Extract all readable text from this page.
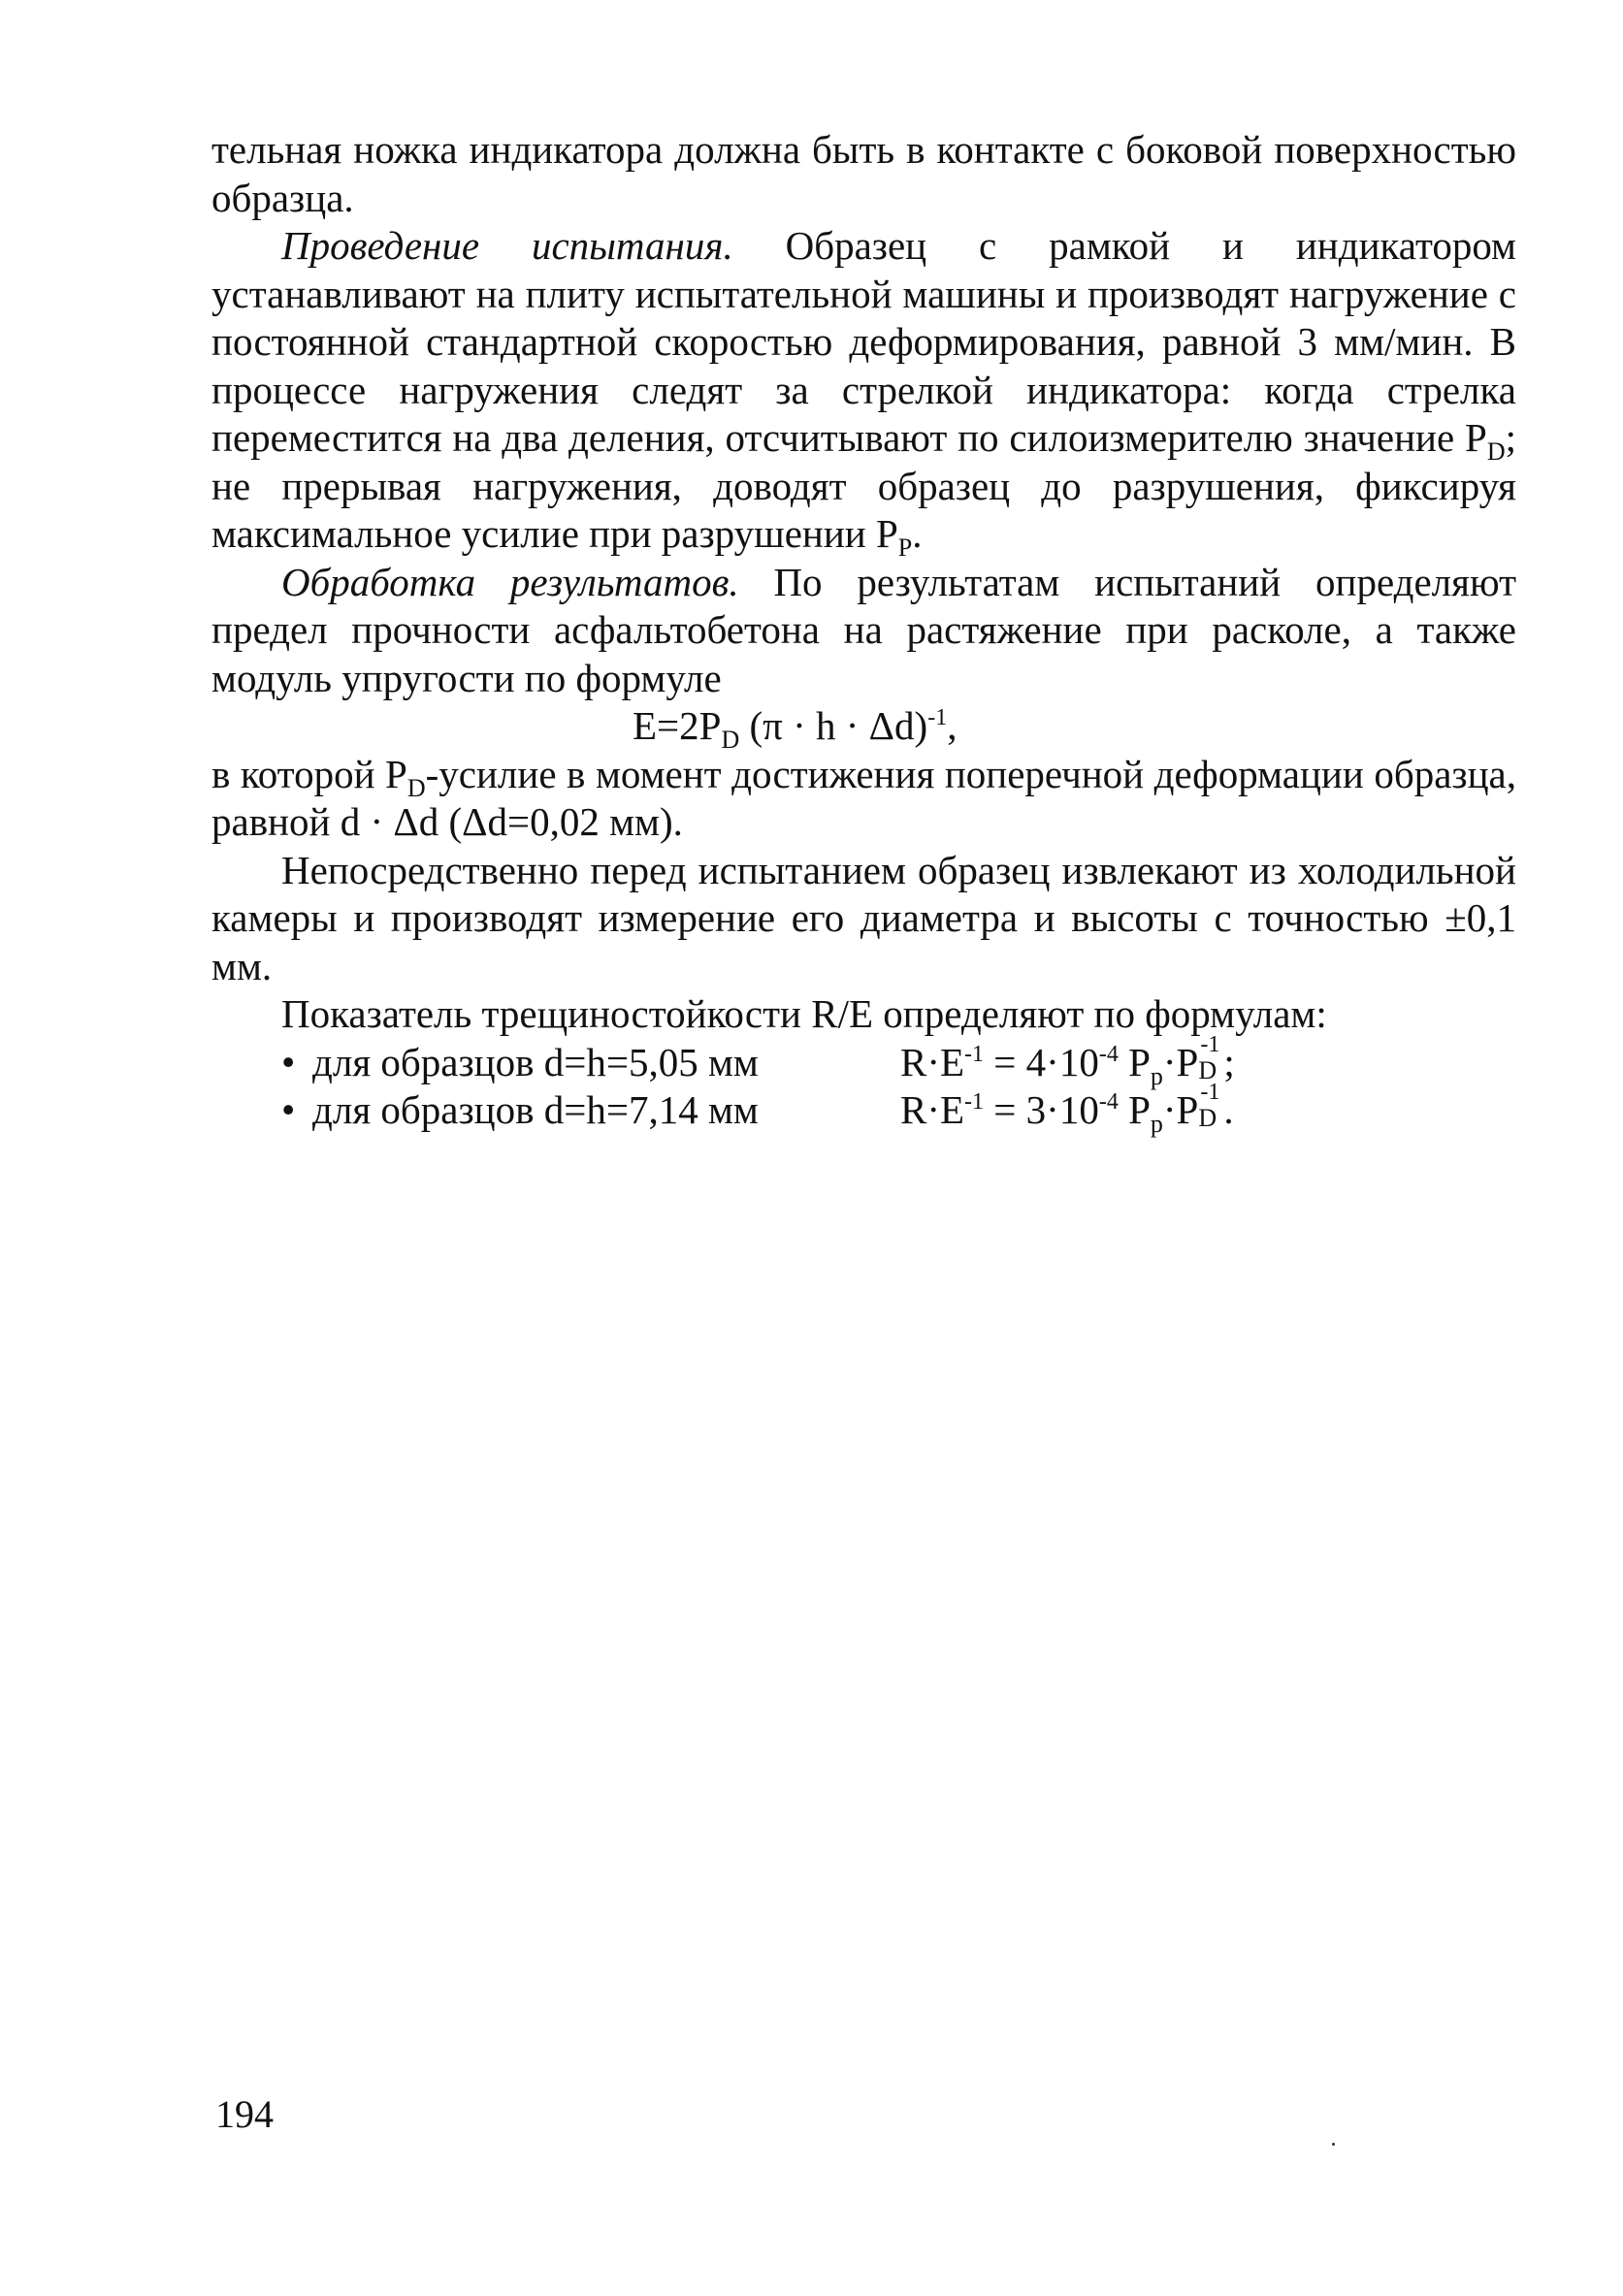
тельная ножка индикатора должна быть в контакте с боковой поверхностью образца.

Проведение испытания. Образец с рамкой и индикатором устанавливают на плиту испытательной машины и производят нагружение с постоянной стандартной скоростью деформирования, равной 3 мм/мин. В процессе нагружения следят за стрелкой индикатора: когда стрелка переместится на два деления, отсчитывают по силоизмерителю значение $P_D$; не прерывая нагружения, доводят образец до разрушения, фиксируя максимальное усилие при разрушении $P_P$.

Обработка результатов. По результатам испытаний определяют предел прочности асфальтобетона на растяжение при расколе, а также модуль упругости по формуле

$E=2P_D$ $(\pi \cdot h \cdot \Delta d)^{-1}$,

в которой $P_D$-усилие в момент достижения поперечной деформации образца, равной d · Δd (Δd=0,02 мм).

Непосредственно перед испытанием образец извлекают из холодильной камеры и производят измерение его диаметра и высоты с точностью ±0,1 мм.

Показатель трещиностойкости R/E определяют по формулам:

• для образцов d=h=5,05 мм	$R\cdot E^{-1} = 4\cdot 10^{-4}$ $P_p\cdot P$ -1
D ;
• для образцов d=h=7,14 мм	$R\cdot E^{-1} = 3\cdot 10^{-4}$ $P_p\cdot P$ -1
D .
194
